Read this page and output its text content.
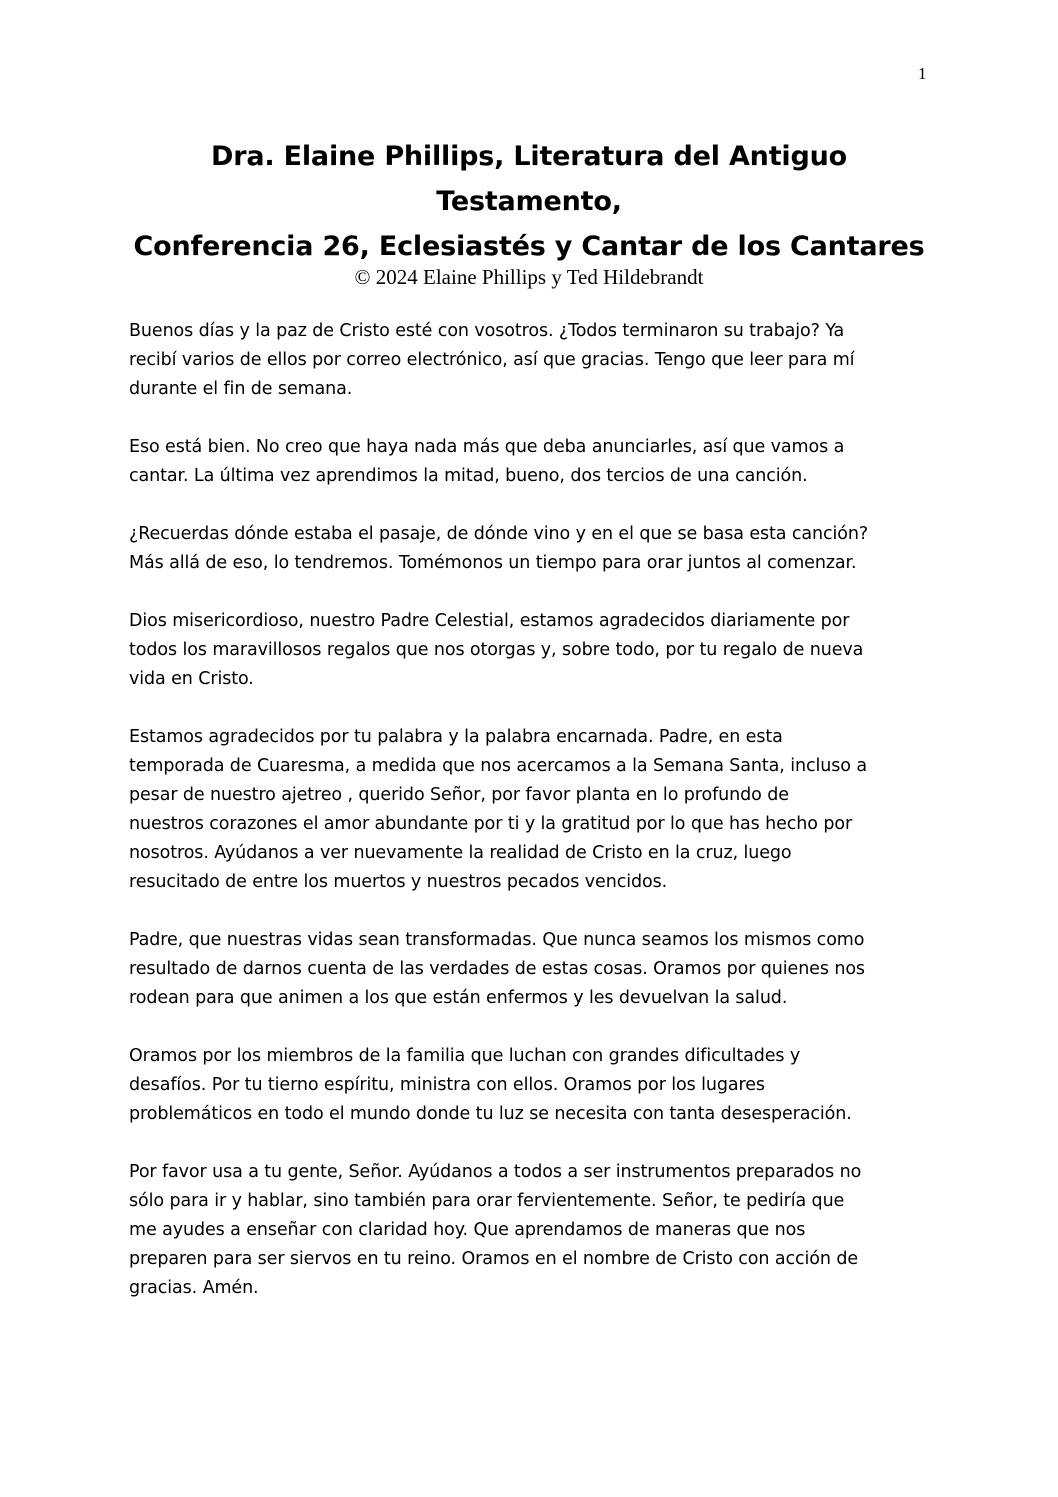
1
Dra. Elaine Phillips, Literatura del Antiguo
Testamento,
Conferencia 26, Eclesiastés y Cantar de los Cantares
© 2024 Elaine Phillips y Ted Hildebrandt

Buenos días y la paz de Cristo esté con vosotros. ¿Todos terminaron su trabajo? Ya
recibí varios de ellos por correo electrónico, así que gracias. Tengo que leer para mí
durante el fin de semana.

Eso está bien. No creo que haya nada más que deba anunciarles, así que vamos a
cantar. La última vez aprendimos la mitad, bueno, dos tercios de una canción.

¿Recuerdas dónde estaba el pasaje, de dónde vino y en el que se basa esta canción?
Más allá de eso, lo tendremos. Tomémonos un tiempo para orar juntos al comenzar.

Dios misericordioso, nuestro Padre Celestial, estamos agradecidos diariamente por
todos los maravillosos regalos que nos otorgas y, sobre todo, por tu regalo de nueva
vida en Cristo.

Estamos agradecidos por tu palabra y la palabra encarnada. Padre, en esta
temporada de Cuaresma, a medida que nos acercamos a la Semana Santa, incluso a
pesar de nuestro ajetreo , querido Señor, por favor planta en lo profundo de
nuestros corazones el amor abundante por ti y la gratitud por lo que has hecho por
nosotros. Ayúdanos a ver nuevamente la realidad de Cristo en la cruz, luego
resucitado de entre los muertos y nuestros pecados vencidos.

Padre, que nuestras vidas sean transformadas. Que nunca seamos los mismos como
resultado de darnos cuenta de las verdades de estas cosas. Oramos por quienes nos
rodean para que animen a los que están enfermos y les devuelvan la salud.

Oramos por los miembros de la familia que luchan con grandes dificultades y
desafíos. Por tu tierno espíritu, ministra con ellos. Oramos por los lugares
problemáticos en todo el mundo donde tu luz se necesita con tanta desesperación.

Por favor usa a tu gente, Señor. Ayúdanos a todos a ser instrumentos preparados no
sólo para ir y hablar, sino también para orar fervientemente. Señor, te pediría que
me ayudes a enseñar con claridad hoy. Que aprendamos de maneras que nos
preparen para ser siervos en tu reino. Oramos en el nombre de Cristo con acción de
gracias. Amén.
